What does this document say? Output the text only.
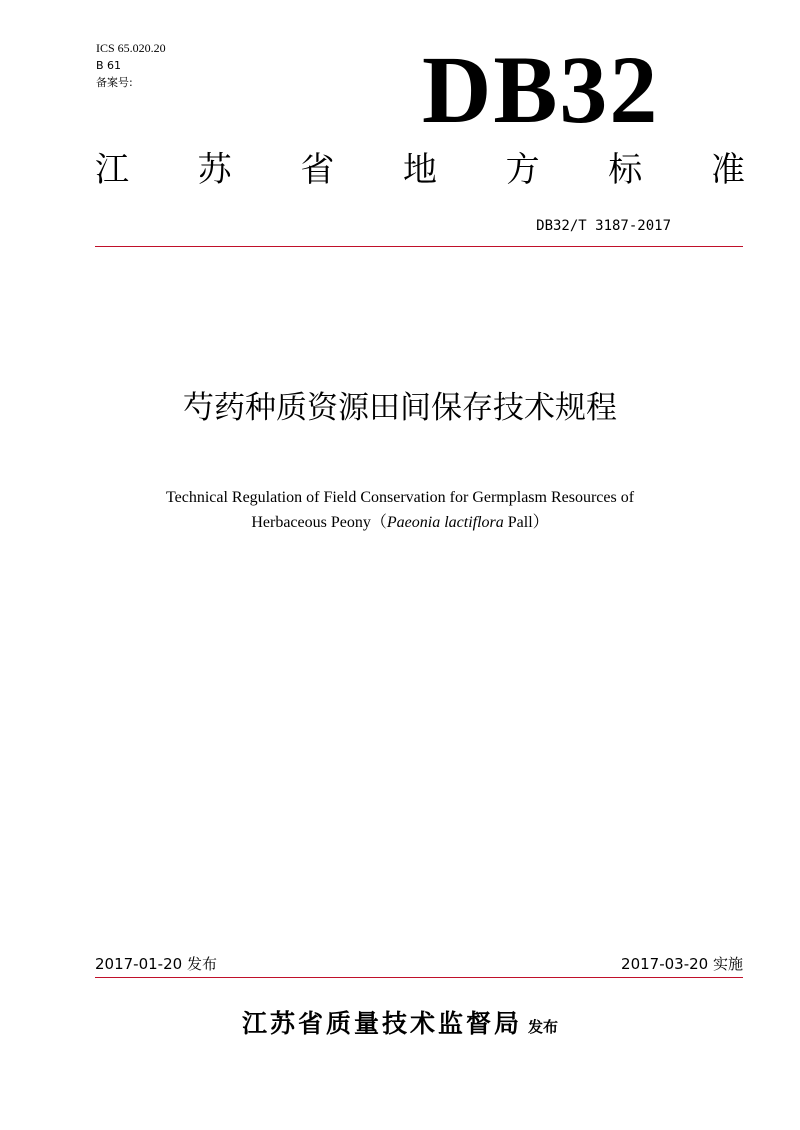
ICS 65.020.20
B 61
备案号:	DB32
江 苏 省 地 方 标 准
DB32/T 3187-2017
芍药种质资源田间保存技术规程
Technical Regulation of Field Conservation for Germplasm Resources of
Herbaceous Peony（Paeonia lactiflora Pall）
2017-01-20 发布	2017-03-20 实施
江苏省质量技术监督局 发布
